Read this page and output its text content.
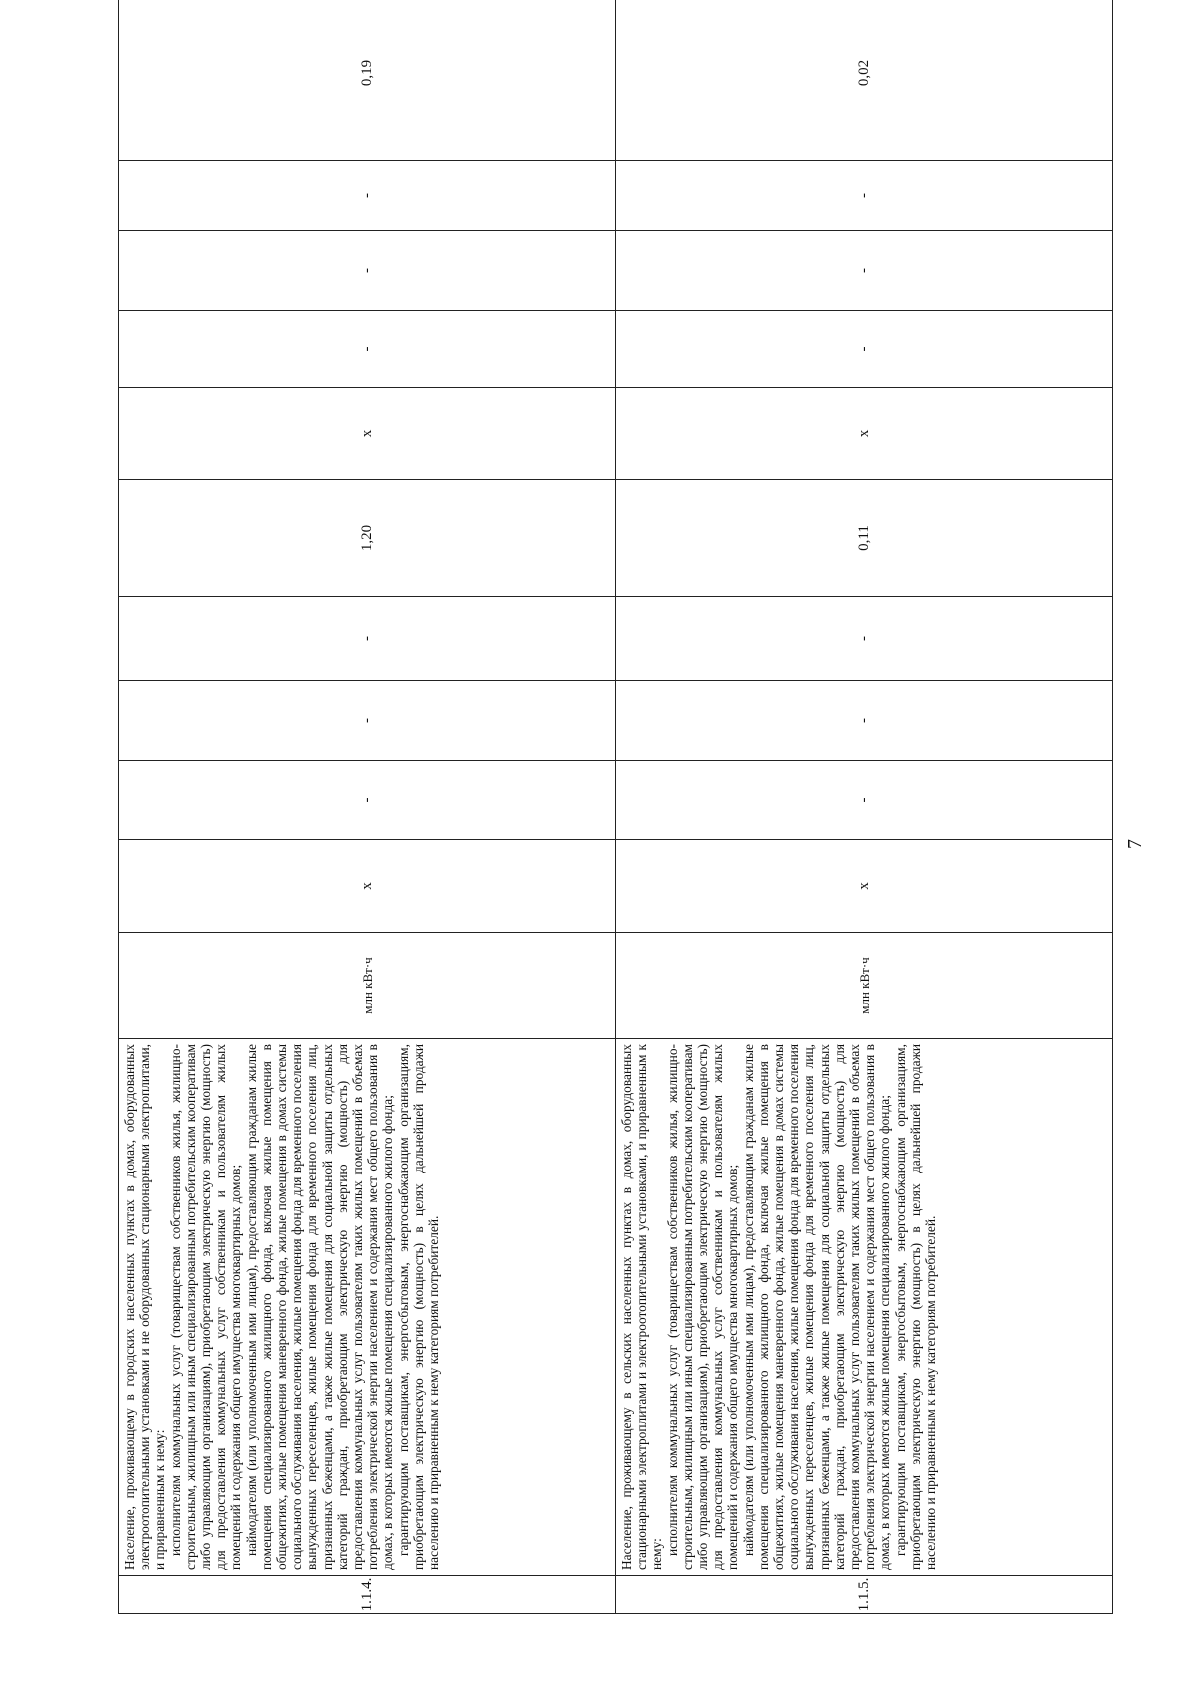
7
1.1.4.	Население, проживающему в городских населенных пунктах в домах, оборудованных электроотопительными установками и не оборудованных стационарными электроплитами, и приравненным к нему: исполнителям коммунальных услуг (товариществам собственников жилья, жилищно-строительным, жилищным или иным специализированным потребительским кооперативам либо управляющим организациям), приобретающим электрическую энергию (мощность) для предоставления коммунальных услуг собственникам и пользователям жилых помещений и содержания общего имущества многоквартирных домов; наймодателям (или уполномоченным ими лицам), предоставляющим гражданам жилые помещения специализированного жилищного фонда, включая жилые помещения в общежитиях, жилые помещения маневренного фонда, жилые помещения в домах системы социального обслуживания населения, жилые помещения фонда для временного поселения вынужденных переселенцев, жилые помещения фонда для временного поселения лиц, признанных беженцами, а также жилые помещения для социальной защиты отдельных категорий граждан, приобретающим электрическую энергию (мощность) для предоставления коммунальных услуг пользователям таких жилых помещений в объемах потребления электрической энергии населением и содержания мест общего пользования в домах, в которых имеются жилые помещения специализированного жилого фонда; гарантирующим поставщикам, энергосбытовым, энергоснабжающим организациям, приобретающим электрическую энергию (мощность) в целях дальнейшей продажи населению и приравненным к нему категориям потребителей.	млн кВт·ч	x	-	-	-	1,20	x	-	-	-	0,19
1.1.5.	Население, проживающему в сельских населенных пунктах в домах, оборудованных стационарными электроплитами и электроотопительными установками, и приравненным к нему: исполнителям коммунальных услуг (товариществам собственников жилья, жилищно-строительным, жилищным или иным специализированным потребительским кооперативам либо управляющим организациям), приобретающим электрическую энергию (мощность) для предоставления коммунальных услуг собственникам и пользователям жилых помещений и содержания общего имущества многоквартирных домов; наймодателям (или уполномоченным ими лицам), предоставляющим гражданам жилые помещения специализированного жилищного фонда, включая жилые помещения в общежитиях, жилые помещения маневренного фонда, жилые помещения в домах системы социального обслуживания населения, жилые помещения фонда для временного поселения вынужденных переселенцев, жилые помещения фонда для временного поселения лиц, признанных беженцами, а также жилые помещения для социальной защиты отдельных категорий граждан, приобретающим электрическую энергию (мощность) для предоставления коммунальных услуг пользователям таких жилых помещений в объемах потребления электрической энергии населением и содержания мест общего пользования в домах, в которых имеются жилые помещения специализированного жилого фонда; гарантирующим поставщикам, энергосбытовым, энергоснабжающим организациям, приобретающим электрическую энергию (мощность) в целях дальнейшей продажи населению и приравненным к нему категориям потребителей.	млн кВт·ч	x	-	-	-	0,11	x	-	-	-	0,02
